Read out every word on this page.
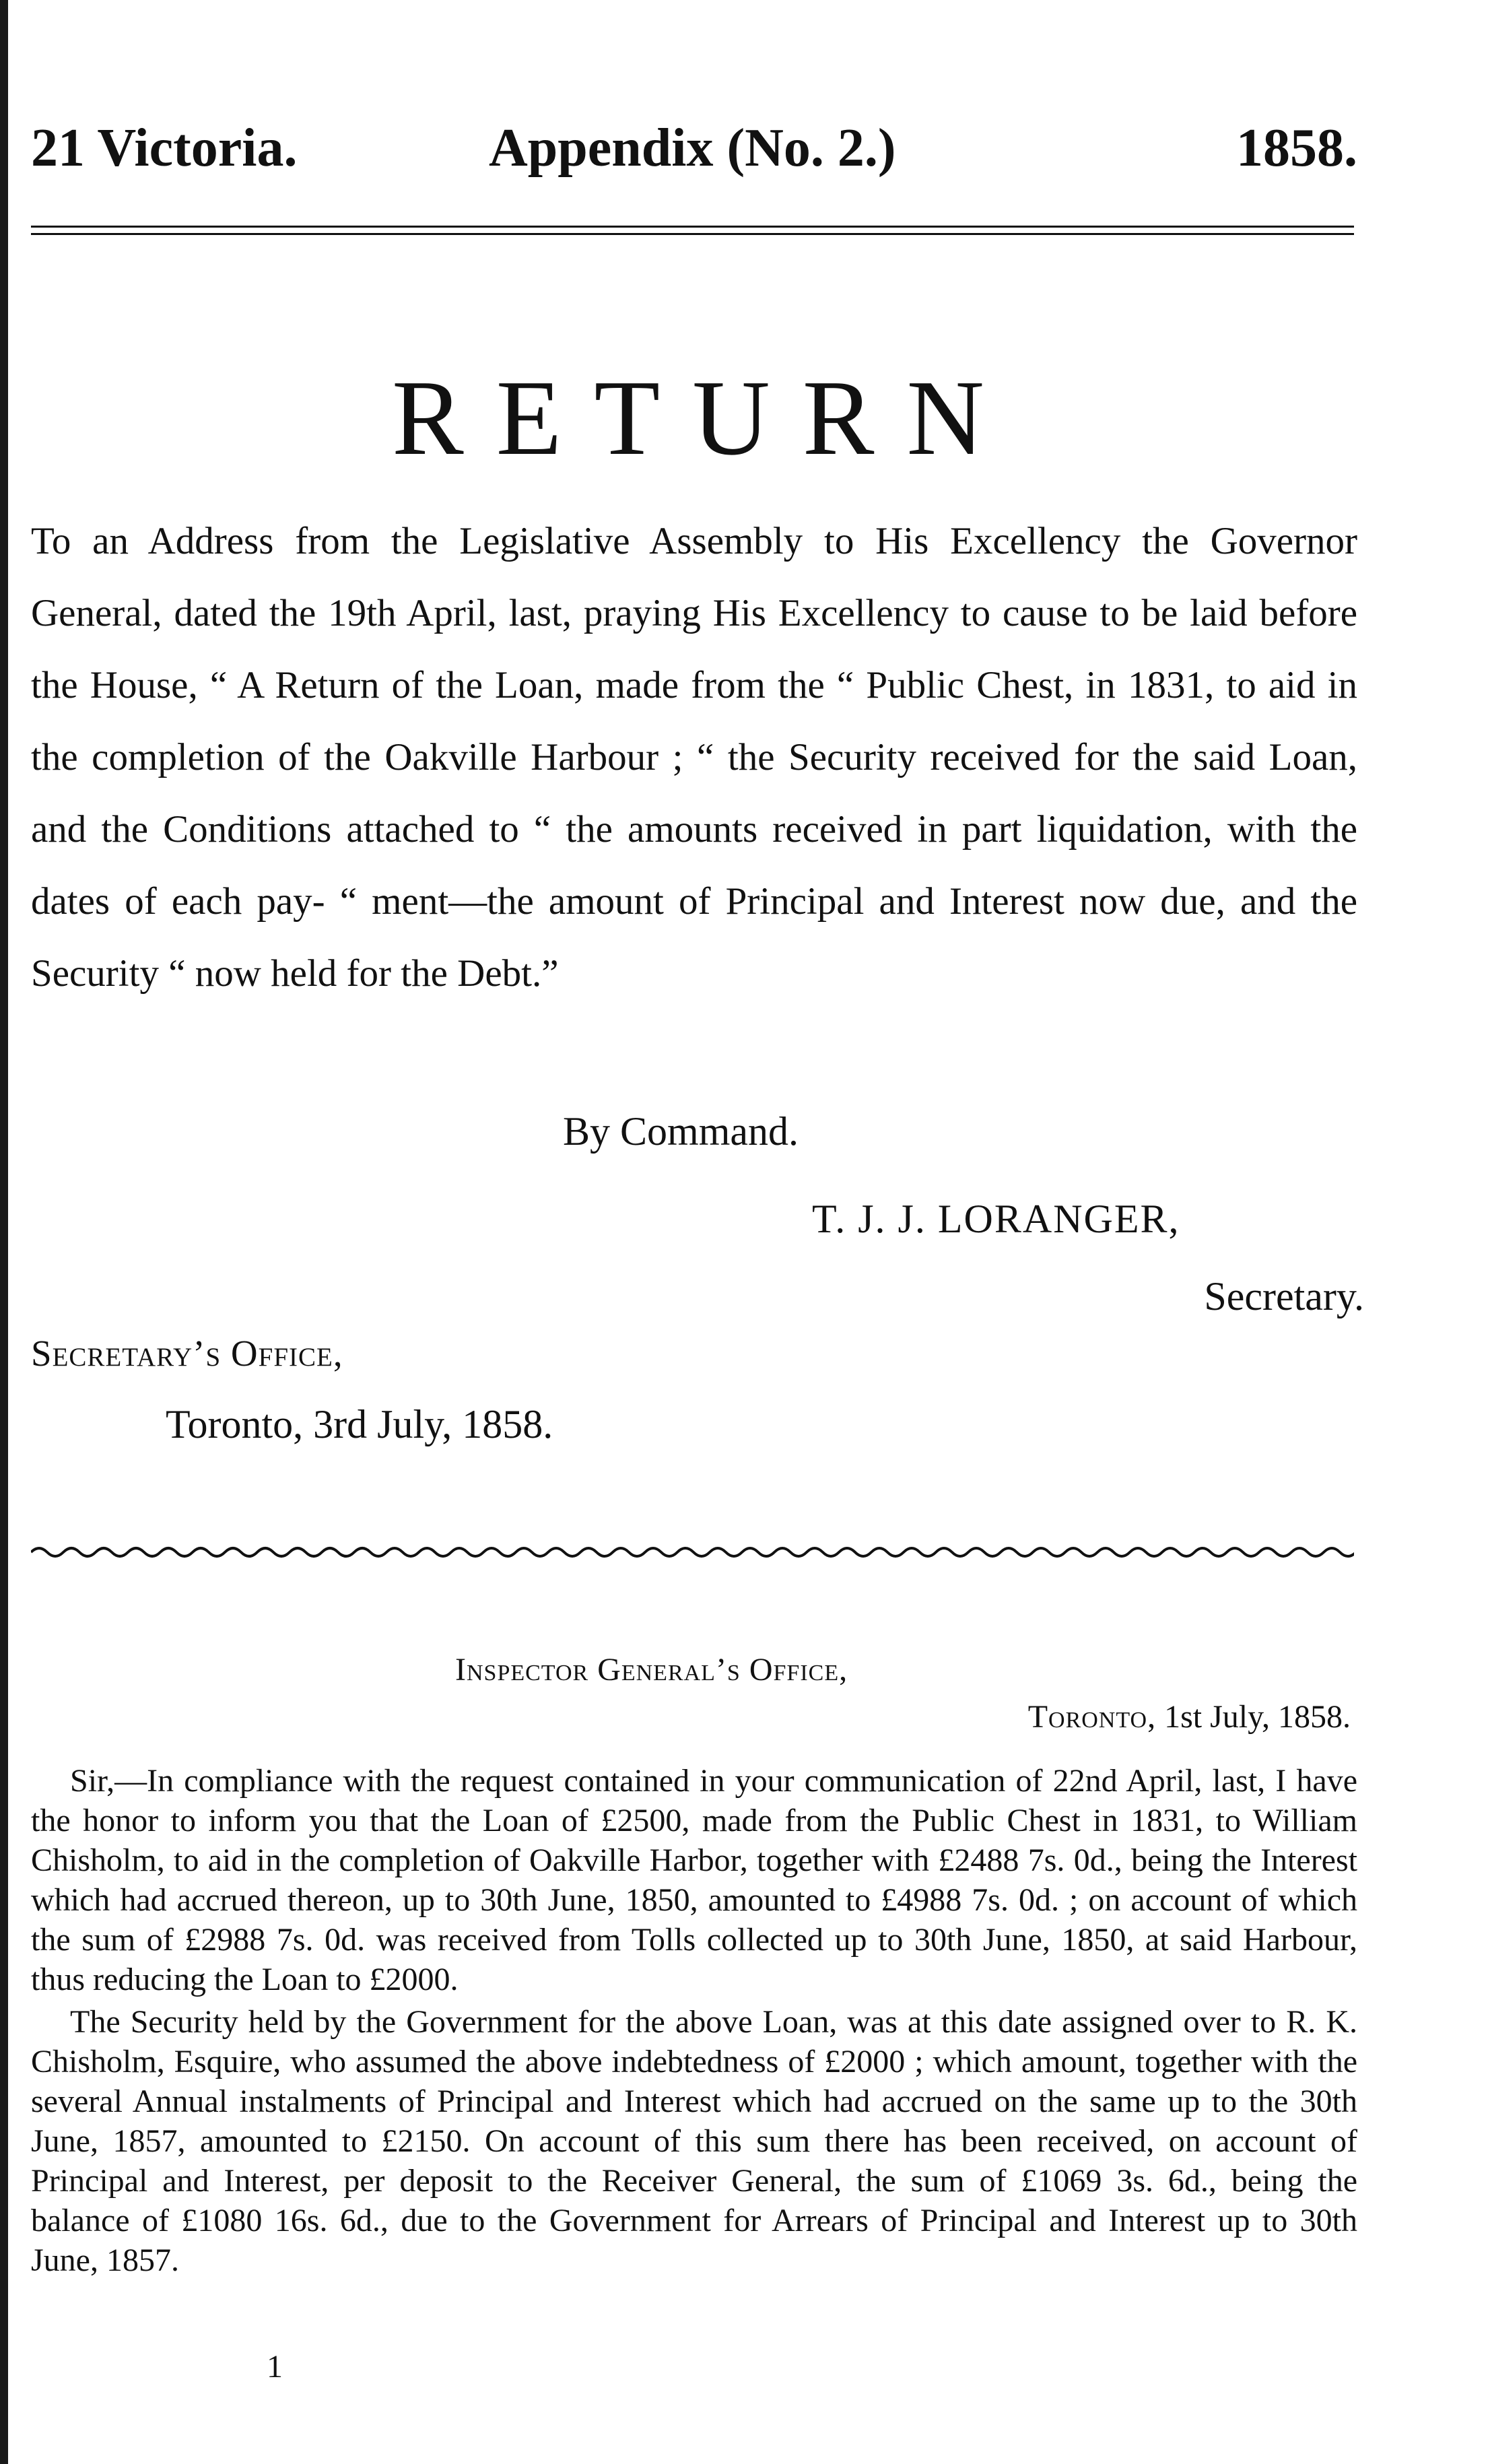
21 Victoria.	Appendix (No. 2.)	1858.
RETURN
To an Address from the Legislative Assembly to His Excellency the Governor General, dated the 19th April, last, praying His Excellency to cause to be laid before the House, “ A Return of the Loan, made from the “ Public Chest, in 1831, to aid in the completion of the Oakville Harbour ; “ the Security received for the said Loan, and the Conditions attached to “ the amounts received in part liquidation, with the dates of each pay- “ ment—the amount of Principal and Interest now due, and the Security “ now held for the Debt.”
By Command.
T. J. J. LORANGER,
Secretary.
Secretary’s Office,
Toronto, 3rd July, 1858.
Inspector General’s Office,
Toronto, 1st July, 1858.

Sir,—In compliance with the request contained in your communication of 22nd April, last, I have the honor to inform you that the Loan of £2500, made from the Public Chest in 1831, to William Chisholm, to aid in the completion of Oakville Harbor, together with £2488 7s. 0d., being the Interest which had accrued thereon, up to 30th June, 1850, amounted to £4988 7s. 0d. ; on account of which the sum of £2988 7s. 0d. was received from Tolls collected up to 30th June, 1850, at said Harbour, thus reducing the Loan to £2000.

The Security held by the Government for the above Loan, was at this date assigned over to R. K. Chisholm, Esquire, who assumed the above indebtedness of £2000 ; which amount, together with the several Annual instalments of Principal and Interest which had accrued on the same up to the 30th June, 1857, amounted to £2150. On account of this sum there has been received, on account of Principal and Interest, per deposit to the Receiver General, the sum of £1069 3s. 6d., being the balance of £1080 16s. 6d., due to the Government for Arrears of Principal and Interest up to 30th June, 1857.

1
